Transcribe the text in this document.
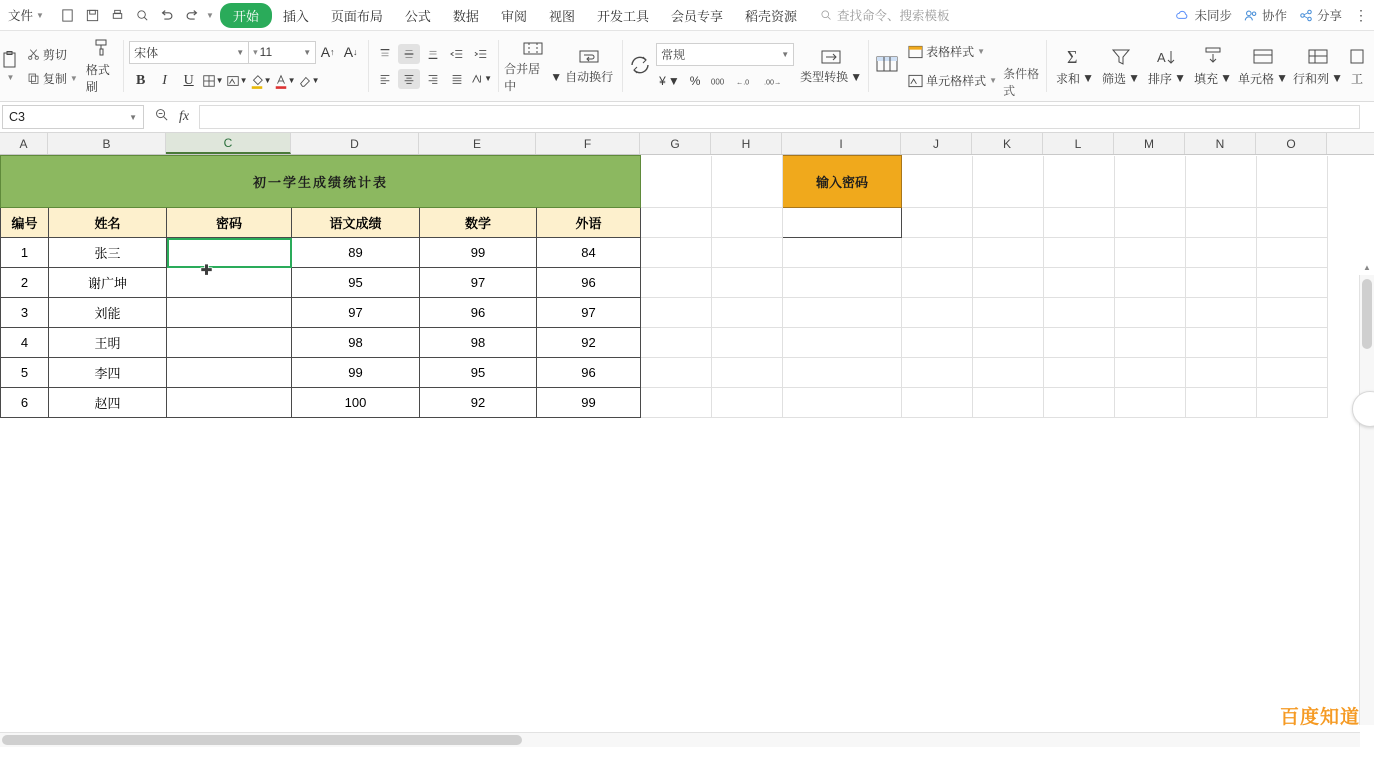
文件 ▼	▼	开始	插入	页面布局	公式	数据	审阅	视图	开发工具	会员专享	稻壳资源	查找命令、搜索模板	未同步 协作 分享 ⋮
▼
剪切
复制 ▼
格式刷
宋体	▼ ▾ 11	▼ A ↑ A ↓
B	I	U	▼ ▼ ▼ ▼ ▼	▼
合并居中
▼ 自动换行
常规	▼
¥ ▼ % 000 ←.0 .00→ 类型转换 ▼
表格样式 ▼
单元格样式 ▼ 条件格式
Σ
求和 ▼ 筛选 ▼
A
排序 ▼ 填充 ▼ 单元格 ▼ 行和列 ▼ 工
C3	▼	fx
A	B	C	D	E	F	G	H	I	J	K	L	M	N	O
初一学生成绩统计表								输入密码						
编号	姓名	密码	语文成绩	数学	外语									
1	张三		89	99	84									
2	谢广坤		95	97	96									
3	刘能		97	96	97									
4	王明		98	98	92									
5	李四		99	95	96									
6	赵四		100	92	99									
▲
百度知道
